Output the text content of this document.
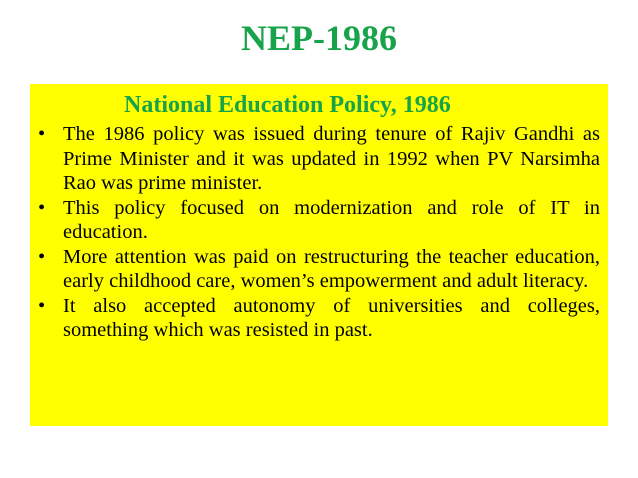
NEP-1986
National Education Policy, 1986
• The 1986 policy was issued during tenure of Rajiv Gandhi as Prime Minister and it was updated in 1992 when PV Narsimha Rao was prime minister.
• This policy focused on modernization and role of IT in education.
• More attention was paid on restructuring the teacher education, early childhood care, women’s empowerment and adult literacy.
• It also accepted autonomy of universities and colleges, something which was resisted in past.
